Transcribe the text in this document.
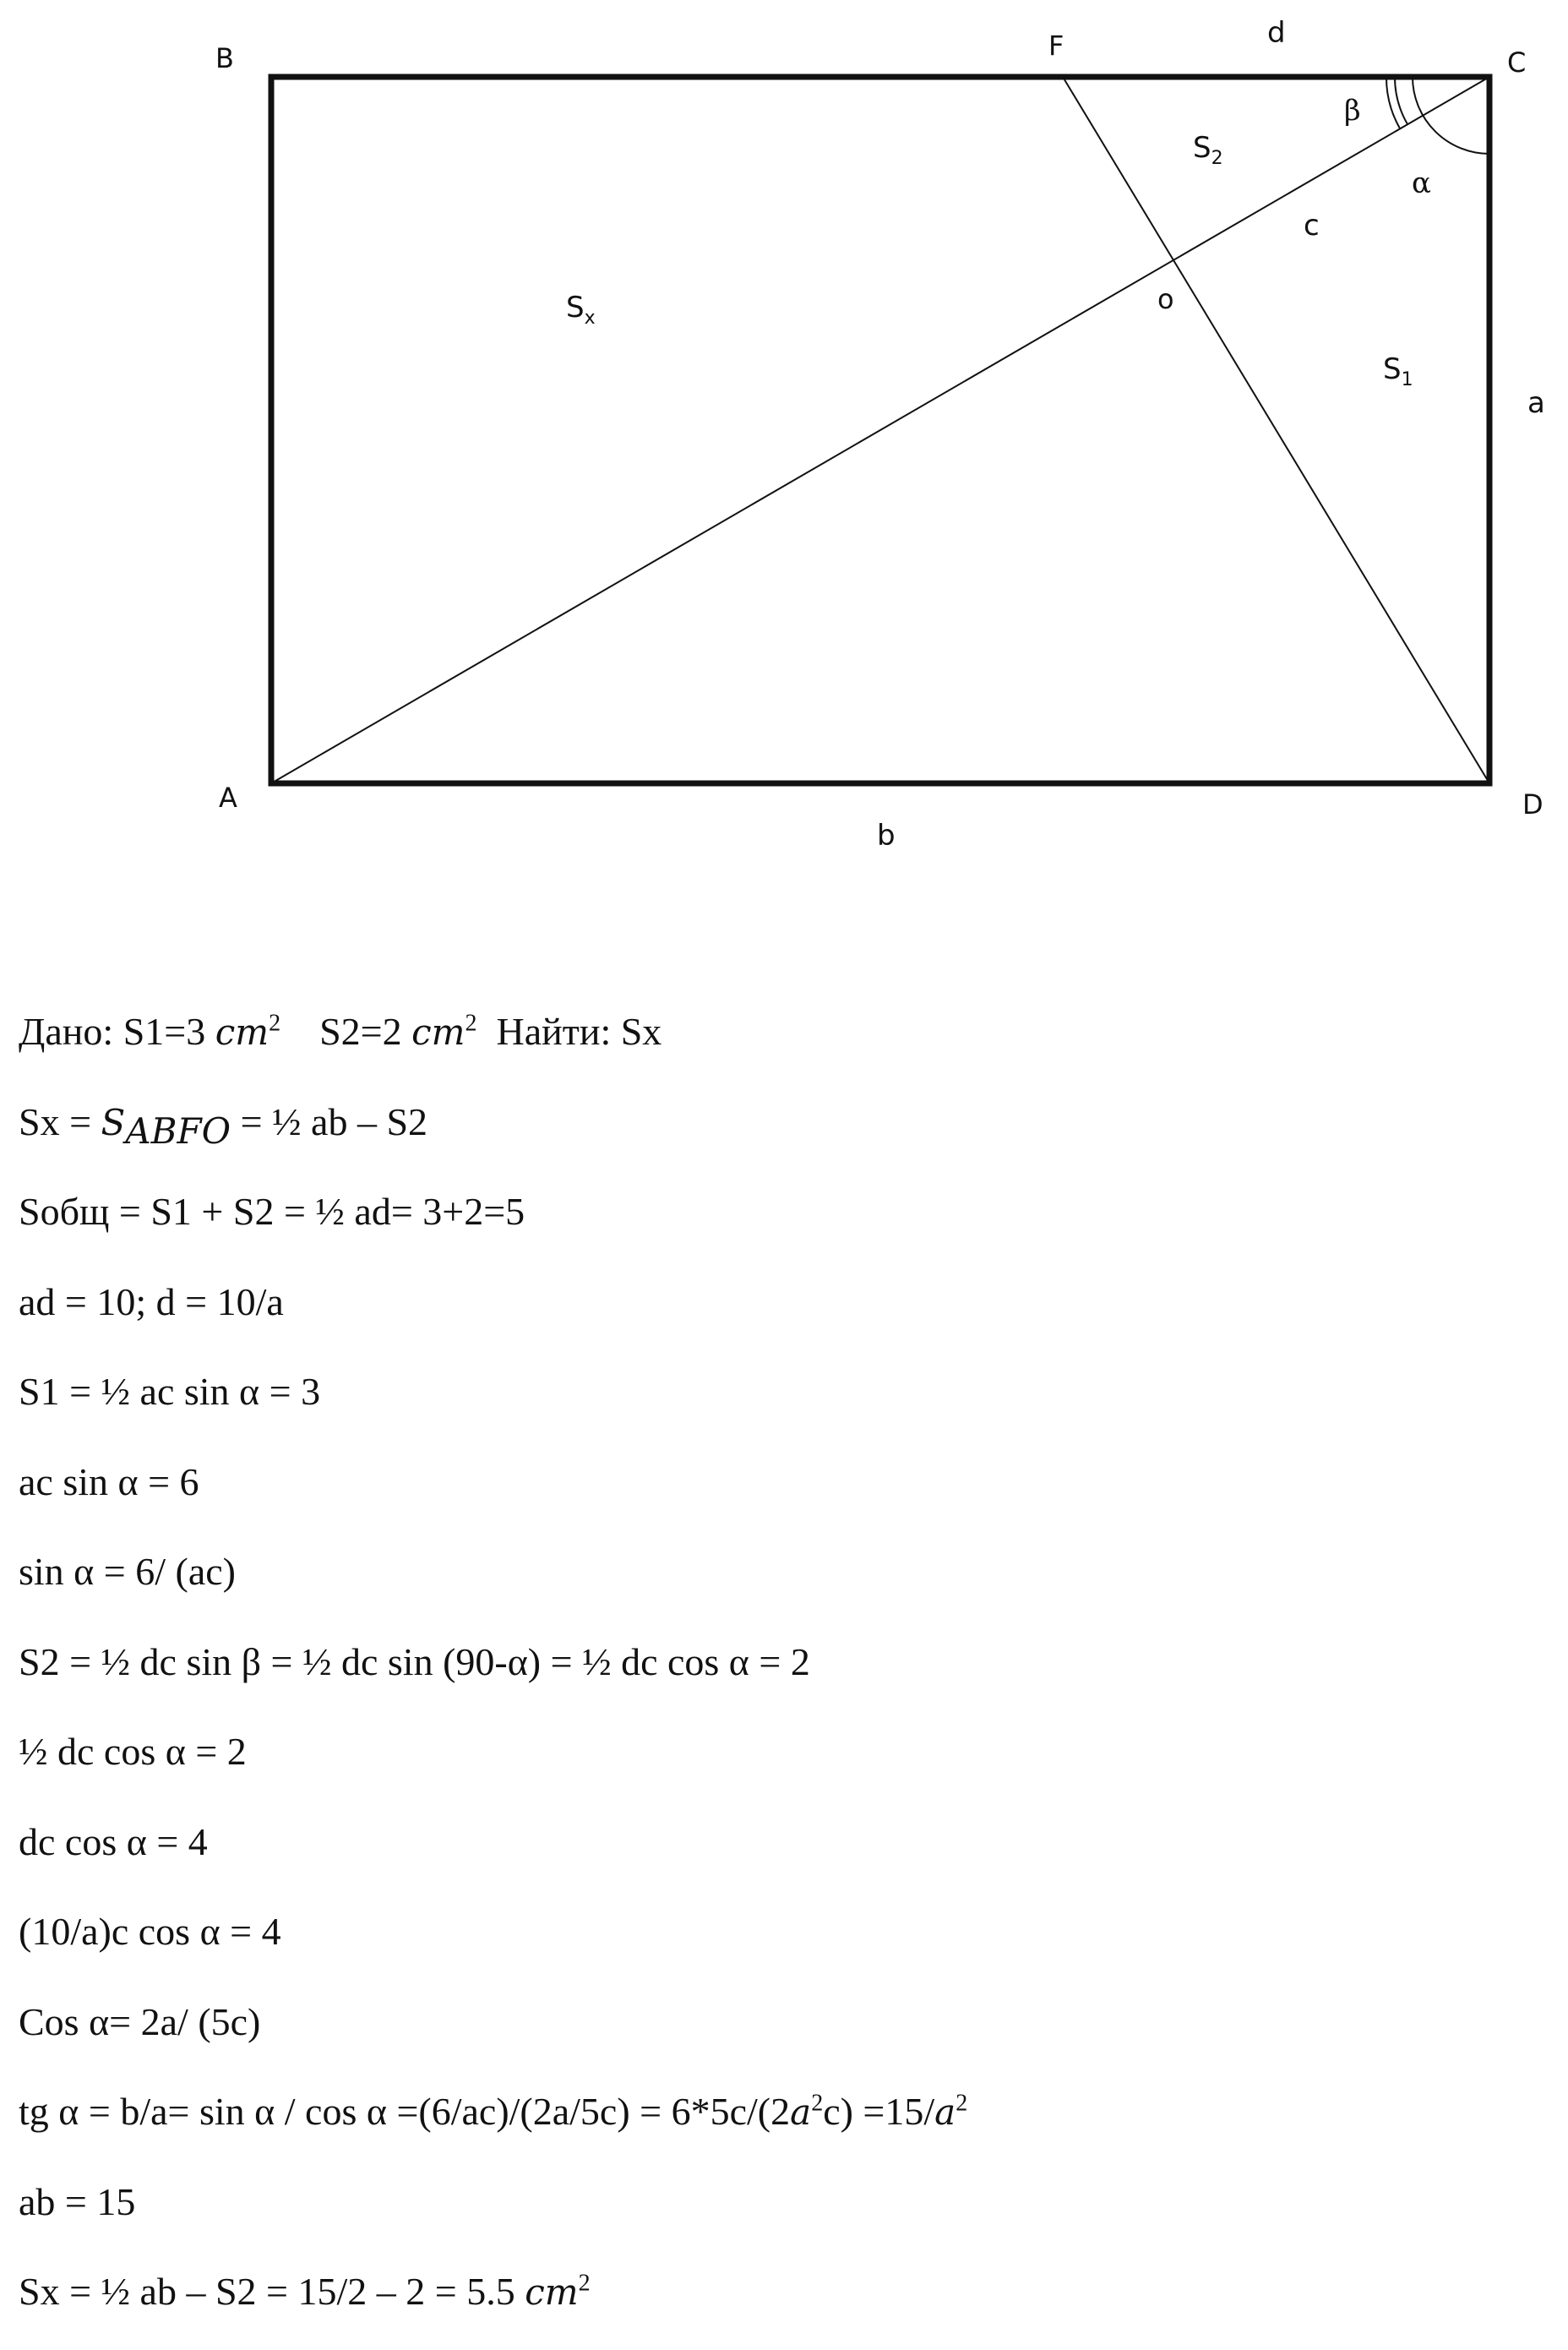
B	F
C
A	D
o
d
a
b
c
α
β
$S_x$
$S_2$
$S_1$
Дано: S1=3 $cm^2$ S2=2 $cm^2$ Найти: Sx
$Sx = S_{ABFO}$ = ½ ab – S2
Sобщ = S1 + S2 = ½ ad= 3+2=5
ad = 10; d = 10/a
S1 = ½ ac sin α = 3
ac sin α = 6
sin α = 6/ (ac)
S2 = ½ dc sin β = ½ dc sin (90-α) = ½ dc cos α = 2
½ dc cos α = 2
dc cos α = 4
(10/a)c cos α = 4
Cos α= 2a/ (5c)
tg $\alpha = b/a= \sin \alpha / \cos \alpha =(6/ac)/(2a/5c) = 6*5c/(2a^2c) =15/a^2$
ab = 15
Sx = ½ ab – S2 = 15/2 – 2 = 5.5 $cm^2$
